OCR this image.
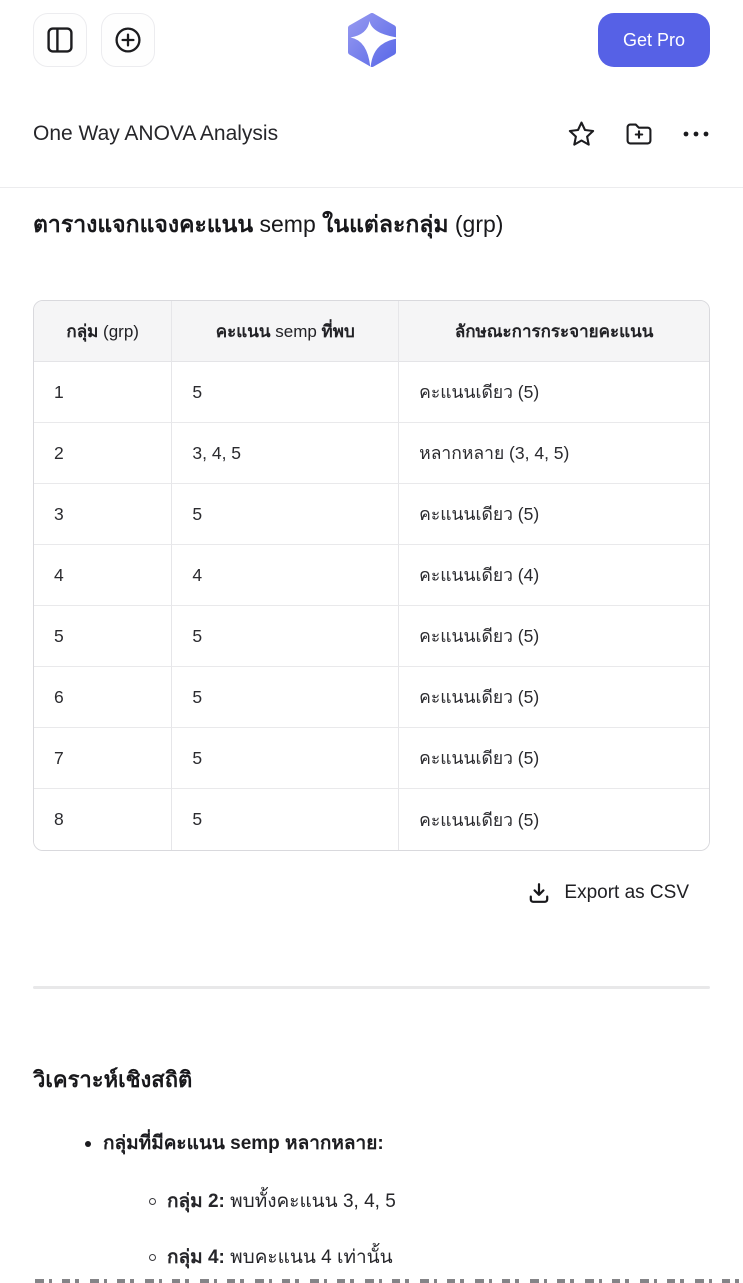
Get Pro
One Way ANOVA Analysis
ตารางแจกแจงคะแนน semp ในแต่ละกลุ่ม (grp)
กลุ่ม (grp)	คะแนน semp ที่พบ	ลักษณะการกระจายคะแนน
1	5	คะแนนเดียว (5)
2	3, 4, 5	หลากหลาย (3, 4, 5)
3	5	คะแนนเดียว (5)
4	4	คะแนนเดียว (4)
5	5	คะแนนเดียว (5)
6	5	คะแนนเดียว (5)
7	5	คะแนนเดียว (5)
8	5	คะแนนเดียว (5)
Export as CSV
วิเคราะห์เชิงสถิติ
กลุ่มที่มีคะแนน semp หลากหลาย:
กลุ่ม 2: พบทั้งคะแนน 3, 4, 5
กลุ่ม 4: พบคะแนน 4 เท่านั้น
